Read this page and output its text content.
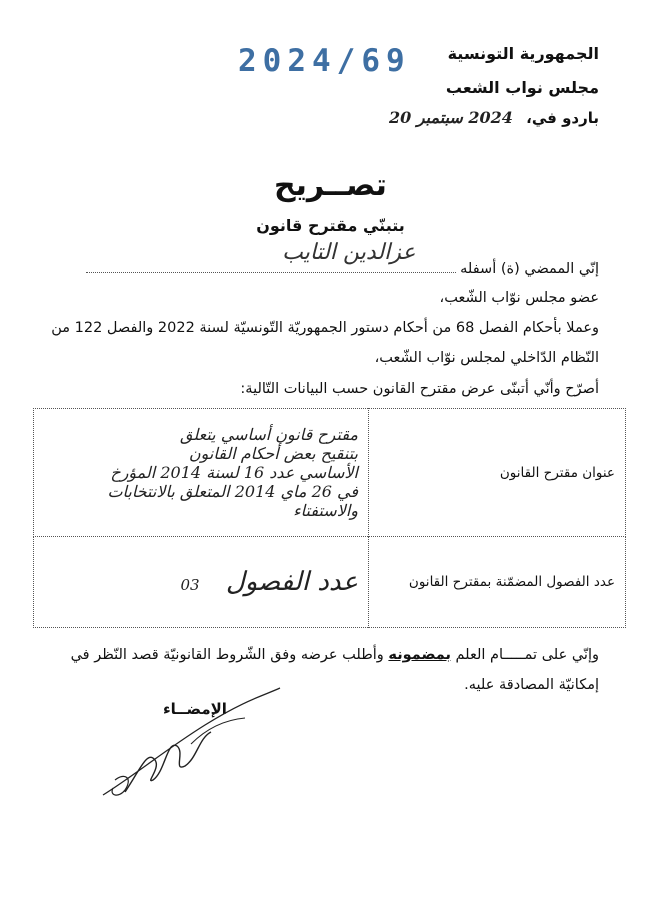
الجمهورية التونسية
مجلس نواب الشعب
2024/69
باردو في، 2024 سبتمبر 20
تصــريح
بتبنّي مقترح قانون
إنّي الممضي (ة) أسفله
عزالدين التايب
عضو مجلس نوّاب الشّعب،
وعملا بأحكام الفصل 68 من أحكام دستور الجمهوريّة التّونسيّة لسنة 2022 والفصل 122 من النّظام الدّاخلي لمجلس نوّاب الشّعب،
أصرّح وأنّي أتبنّى عرض مقترح القانون حسب البيانات التّالية:
عنوان مقترح القانون	مقترح قانون أساسي يتعلق
بتنقيح بعض أحكام القانون
الأساسي عدد 16 لسنة 2014 المؤرخ
في 26 ماي 2014 المتعلق بالانتخابات
والاستفتاء

عدد الفصول المضمّنة بمقترح القانون	عدد الفصول 03
وإنّي على تمـــــام العلم بمضمونه وأطلب عرضه وفق الشّروط القانونيّة قصد النّظر في إمكانيّة المصادقة عليه.
الإمضــاء
